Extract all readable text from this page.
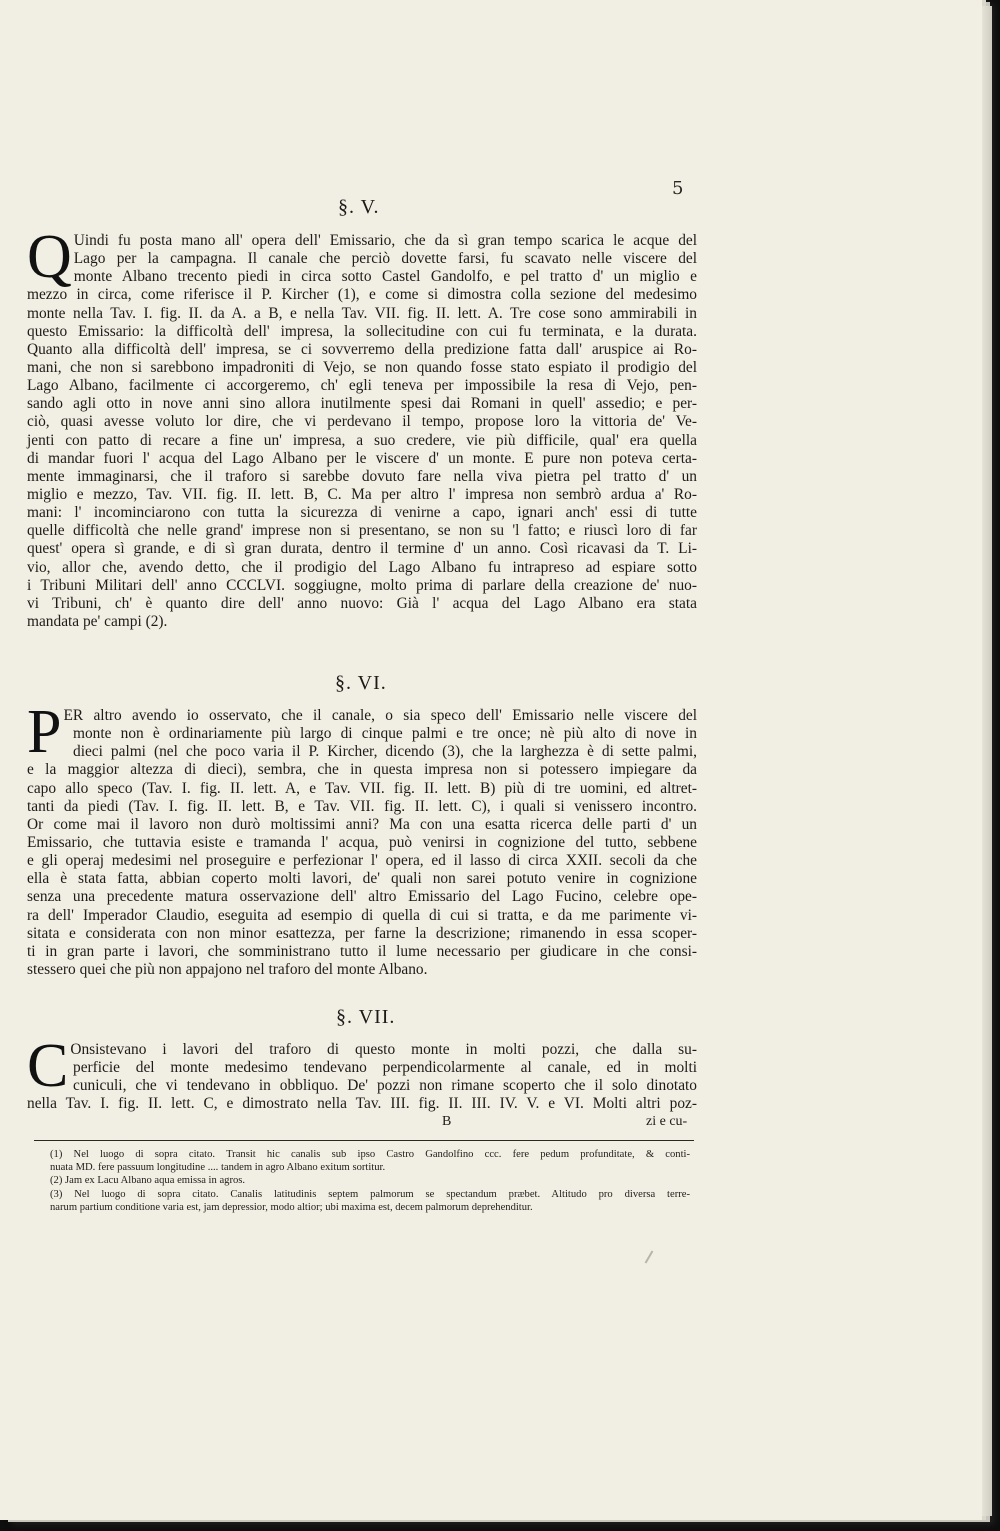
5
§. V.
Q Uindi fu posta mano all' opera dell' Emissario, che da sì gran tempo scarica le acque del
Lago per la campagna. Il canale che perciò dovette farsi, fu scavato nelle viscere del
monte Albano trecento piedi in circa sotto Castel Gandolfo, e pel tratto d' un miglio e
mezzo in circa, come riferisce il P. Kircher (1), e come si dimostra colla sezione del medesimo
monte nella Tav. I. fig. II. da A. a B, e nella Tav. VII. fig. II. lett. A. Tre cose sono ammirabili in
questo Emissario: la difficoltà dell' impresa, la sollecitudine con cui fu terminata, e la durata.
Quanto alla difficoltà dell' impresa, se ci sovverremo della predizione fatta dall' aruspice ai Ro-
mani, che non si sarebbono impadroniti di Vejo, se non quando fosse stato espiato il prodigio del
Lago Albano, facilmente ci accorgeremo, ch' egli teneva per impossibile la resa di Vejo, pen-
sando agli otto in nove anni sino allora inutilmente spesi dai Romani in quell' assedio; e per-
ciò, quasi avesse voluto lor dire, che vi perdevano il tempo, propose loro la vittoria de' Ve-
jenti con patto di recare a fine un' impresa, a suo credere, vie più difficile, qual' era quella
di mandar fuori l' acqua del Lago Albano per le viscere d' un monte. E pure non poteva certa-
mente immaginarsi, che il traforo si sarebbe dovuto fare nella viva pietra pel tratto d' un
miglio e mezzo, Tav. VII. fig. II. lett. B, C. Ma per altro l' impresa non sembrò ardua a' Ro-
mani: l' incominciarono con tutta la sicurezza di venirne a capo, ignari anch' essi di tutte
quelle difficoltà che nelle grand' imprese non si presentano, se non su 'l fatto; e riuscì loro di far
quest' opera sì grande, e di sì gran durata, dentro il termine d' un anno. Così ricavasi da T. Li-
vio, allor che, avendo detto, che il prodigio del Lago Albano fu intrapreso ad espiare sotto
i Tribuni Militari dell' anno CCCLVI. soggiugne, molto prima di parlare della creazione de' nuo-
vi Tribuni, ch' è quanto dire dell' anno nuovo: Già l' acqua del Lago Albano era stata
mandata pe' campi (2).
§. VI.
P ER altro avendo io osservato, che il canale, o sia speco dell' Emissario nelle viscere del
monte non è ordinariamente più largo di cinque palmi e tre once; nè più alto di nove in
dieci palmi (nel che poco varia il P. Kircher, dicendo (3), che la larghezza è di sette palmi,
e la maggior altezza di dieci), sembra, che in questa impresa non si potessero impiegare da
capo allo speco (Tav. I. fig. II. lett. A, e Tav. VII. fig. II. lett. B) più di tre uomini, ed altret-
tanti da piedi (Tav. I. fig. II. lett. B, e Tav. VII. fig. II. lett. C), i quali si venissero incontro.
Or come mai il lavoro non durò moltissimi anni? Ma con una esatta ricerca delle parti d' un
Emissario, che tuttavia esiste e tramanda l' acqua, può venirsi in cognizione del tutto, sebbene
e gli operaj medesimi nel proseguire e perfezionar l' opera, ed il lasso di circa XXII. secoli da che
ella è stata fatta, abbian coperto molti lavori, de' quali non sarei potuto venire in cognizione
senza una precedente matura osservazione dell' altro Emissario del Lago Fucino, celebre ope-
ra dell' Imperador Claudio, eseguita ad esempio di quella di cui si tratta, e da me parimente vi-
sitata e considerata con non minor esattezza, per farne la descrizione; rimanendo in essa scoper-
ti in gran parte i lavori, che somministrano tutto il lume necessario per giudicare in che consi-
stessero quei che più non appajono nel traforo del monte Albano.
§. VII.
C Onsistevano i lavori del traforo di questo monte in molti pozzi, che dalla su-
perficie del monte medesimo tendevano perpendicolarmente al canale, ed in molti
cuniculi, che vi tendevano in obbliquo. De' pozzi non rimane scoperto che il solo dinotato
nella Tav. I. fig. II. lett. C, e dimostrato nella Tav. III. fig. II. III. IV. V. e VI. Molti altri poz-
B	zi e cu-
(1) Nel luogo di sopra citato. Transit hic canalis sub ipso Castro Gandolfino ccc. fere pedum profunditate, & conti-
nuata MD. fere passuum longitudine .... tandem in agro Albano exitum sortitur.
(2) Jam ex Lacu Albano aqua emissa in agros.
(3) Nel luogo di sopra citato. Canalis latitudinis septem palmorum se spectandum præbet. Altitudo pro diversa terre-
narum partium conditione varia est, jam depressior, modo altior; ubi maxima est, decem palmorum deprehenditur.
